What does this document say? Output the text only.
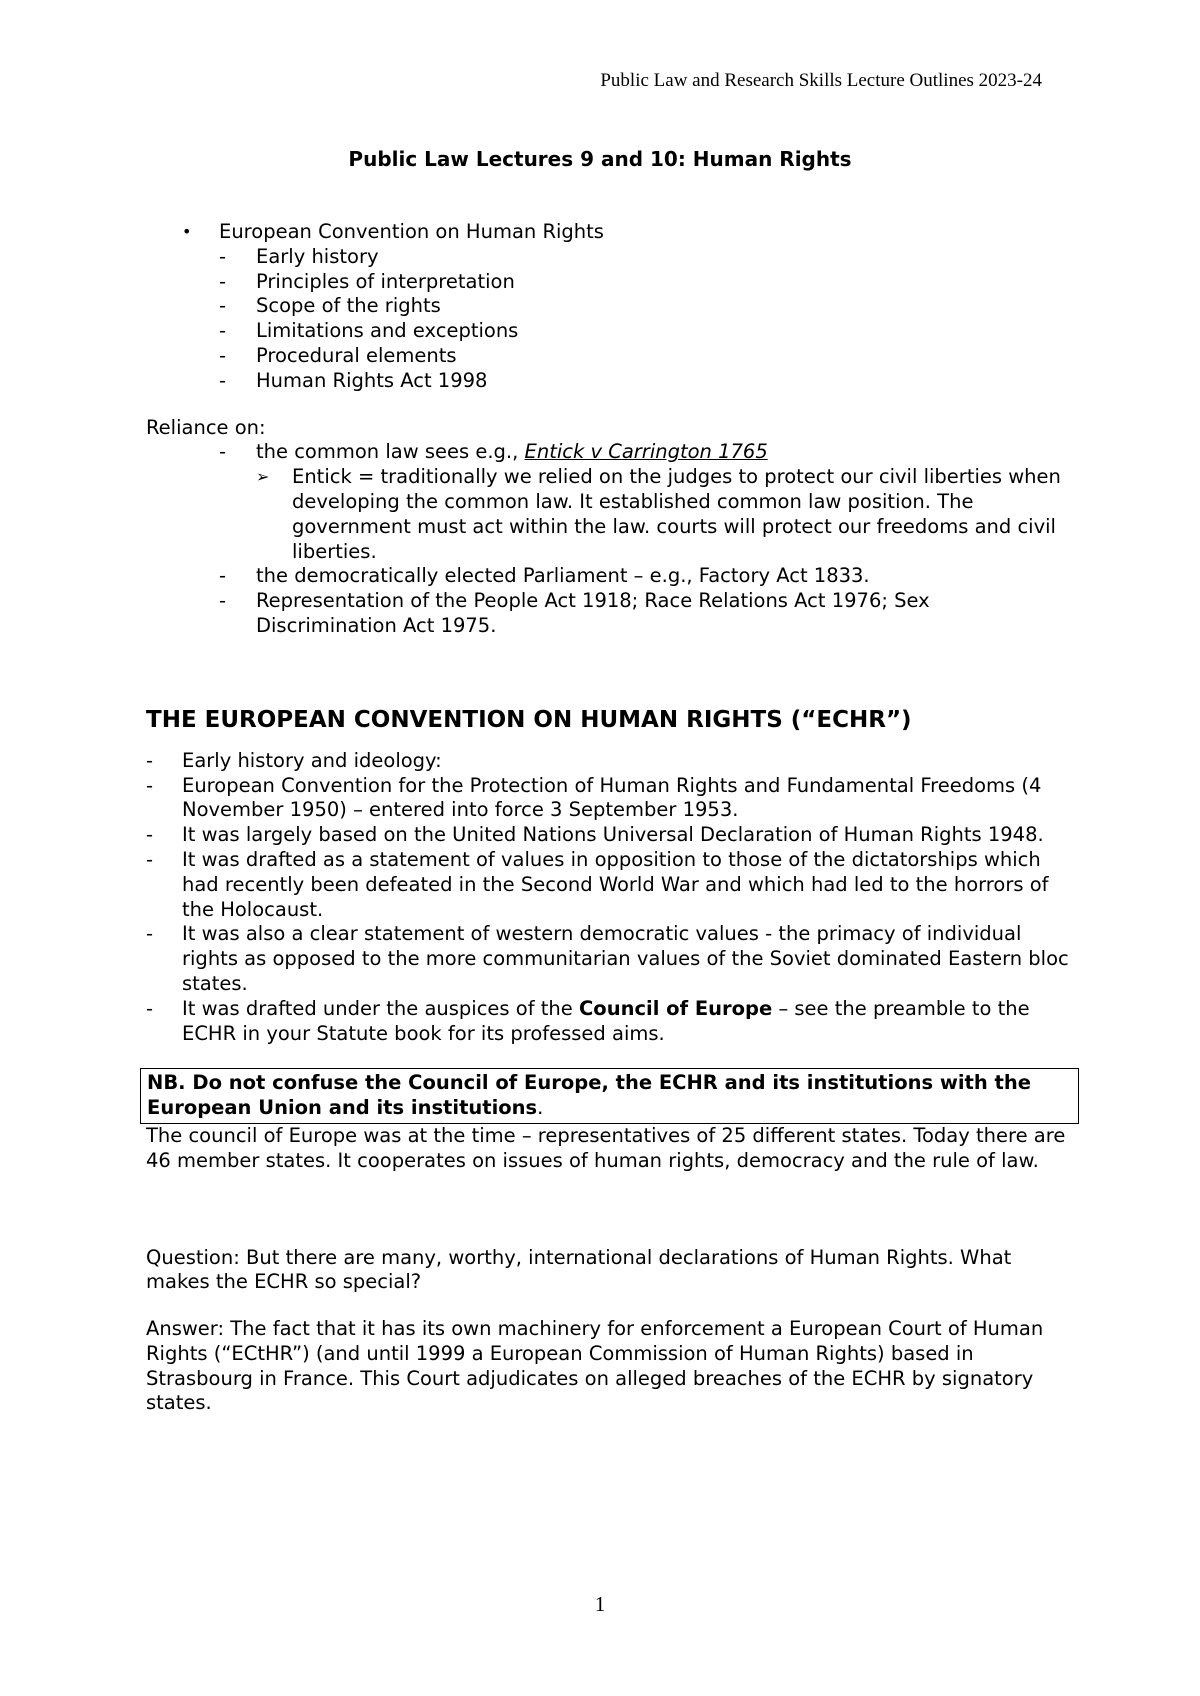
Public Law and Research Skills Lecture Outlines 2023-24
Public Law Lectures 9 and 10: Human Rights
• European Convention on Human Rights
- Early history
- Principles of interpretation
- Scope of the rights
- Limitations and exceptions
- Procedural elements
- Human Rights Act 1998
Reliance on:
- the common law sees e.g., Entick v Carrington 1765
➢ Entick = traditionally we relied on the judges to protect our civil liberties when developing the common law. It established common law position. The government must act within the law. courts will protect our freedoms and civil liberties.
- the democratically elected Parliament – e.g., Factory Act 1833.
- Representation of the People Act 1918; Race Relations Act 1976; Sex Discrimination Act 1975.
THE EUROPEAN CONVENTION ON HUMAN RIGHTS (“ECHR”)
- Early history and ideology:
- European Convention for the Protection of Human Rights and Fundamental Freedoms (4 November 1950) – entered into force 3 September 1953.
- It was largely based on the United Nations Universal Declaration of Human Rights 1948.
- It was drafted as a statement of values in opposition to those of the dictatorships which had recently been defeated in the Second World War and which had led to the horrors of the Holocaust.
- It was also a clear statement of western democratic values - the primacy of individual rights as opposed to the more communitarian values of the Soviet dominated Eastern bloc states.
- It was drafted under the auspices of the Council of Europe – see the preamble to the ECHR in your Statute book for its professed aims.
NB. Do not confuse the Council of Europe, the ECHR and its institutions with the European Union and its institutions.
The council of Europe was at the time – representatives of 25 different states. Today there are 46 member states. It cooperates on issues of human rights, democracy and the rule of law.
Question: But there are many, worthy, international declarations of Human Rights. What makes the ECHR so special?
Answer: The fact that it has its own machinery for enforcement a European Court of Human Rights (“ECtHR”) (and until 1999 a European Commission of Human Rights) based in Strasbourg in France. This Court adjudicates on alleged breaches of the ECHR by signatory states.
1
